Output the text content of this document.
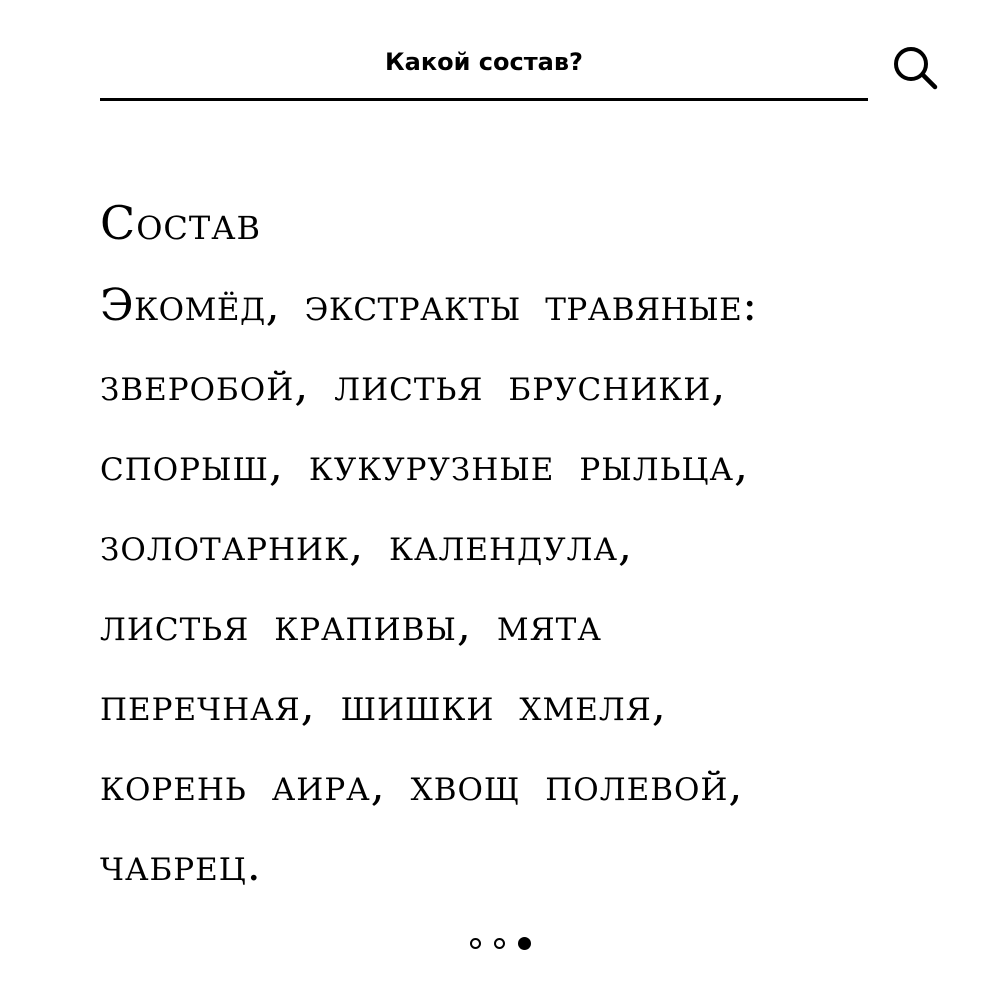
Какой состав?
Состав
Экомёд, экстракты травяные:
зверобой, листья брусники,
спорыш, кукурузные рыльца,
золотарник, календула,
листья крапивы, мята
перечная, шишки хмеля,
корень аира, хвощ полевой,
чабрец.
